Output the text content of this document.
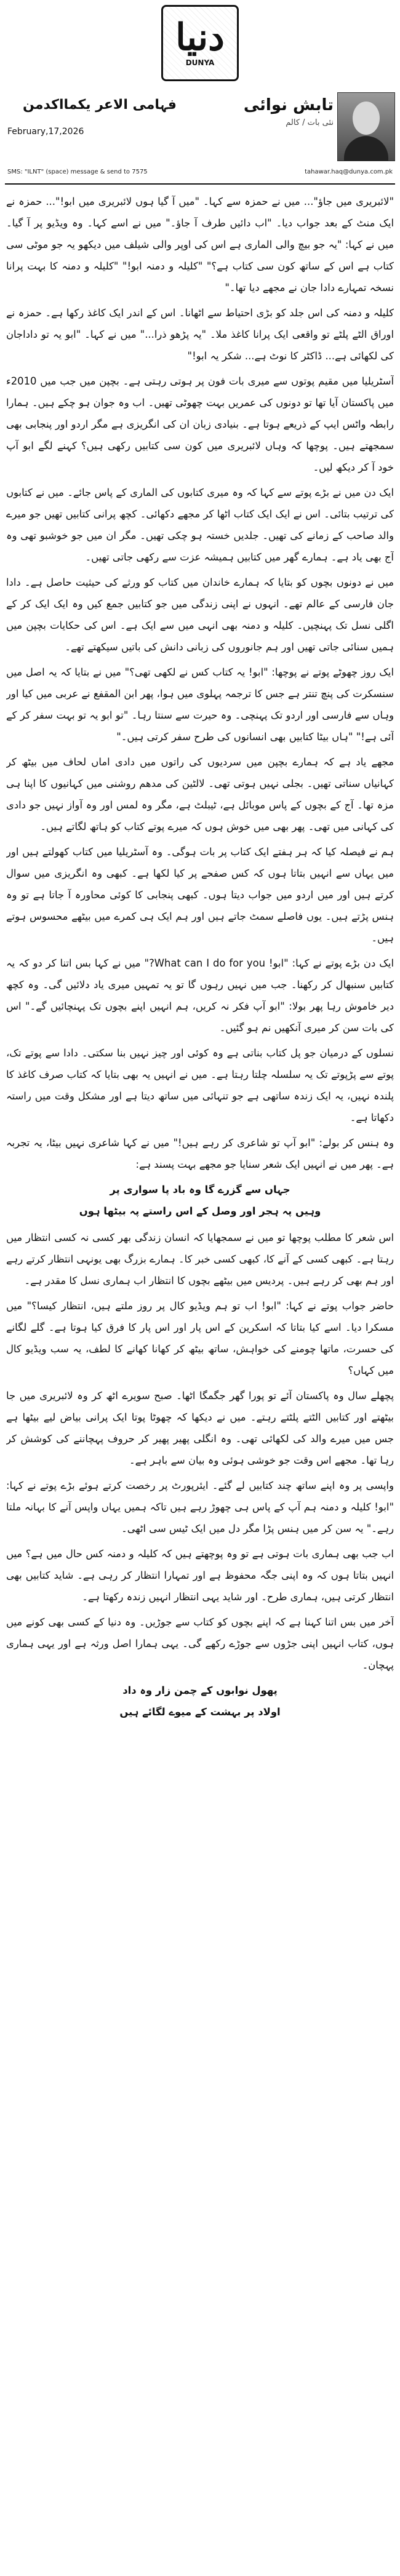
دنیا
DUNYA
تابش نوائی
نئی بات / کالم
فہامی الاعر یکمااکدمن
February,17,2026
SMS: "ILNT" (space) message & send to 7575	tahawar.haq@dunya.com.pk

"لائبریری میں جاؤ"... میں نے حمزہ سے کہا۔ "میں آ گیا ہوں لائبریری میں ابو!"... حمزہ نے ایک منٹ کے بعد جواب دیا۔ "اب دائیں طرف آ جاؤ۔" میں نے اسے کہا۔ وہ ویڈیو پر آ گیا۔ میں نے کہا: "یہ جو بیچ والی الماری ہے اس کی اوپر والی شیلف میں دیکھو یہ جو موٹی سی کتاب ہے اس کے ساتھ کون سی کتاب ہے؟" "کلیلہ و دمنہ ابو!" "کلیلہ و دمنہ کا بہت پرانا نسخہ تمہارے دادا جان نے مجھے دیا تھا۔"

کلیلہ و دمنہ کی اس جلد کو بڑی احتیاط سے اٹھانا۔ اس کے اندر ایک کاغذ رکھا ہے۔ حمزہ نے اوراق الٹے پلٹے تو واقعی ایک پرانا کاغذ ملا۔ "یہ پڑھو ذرا..." میں نے کہا۔ "ابو یہ تو داداجان کی لکھائی ہے... ڈاکٹر کا نوٹ ہے... شکر یہ ابو!"

آسٹریلیا میں مقیم پوتوں سے میری بات فون پر ہوتی رہتی ہے۔ بچپن میں جب میں 2010ء میں پاکستان آیا تھا تو دونوں کی عمریں بہت چھوٹی تھیں۔ اب وہ جوان ہو چکے ہیں۔ ہمارا رابطہ واٹس ایپ کے ذریعے ہوتا ہے۔ بنیادی زبان ان کی انگریزی ہے مگر اردو اور پنجابی بھی سمجھتے ہیں۔ پوچھا کہ وہاں لائبریری میں کون سی کتابیں رکھی ہیں؟ کہنے لگے ابو آپ خود آ کر دیکھ لیں۔

ایک دن میں نے بڑے پوتے سے کہا کہ وہ میری کتابوں کی الماری کے پاس جائے۔ میں نے کتابوں کی ترتیب بتائی۔ اس نے ایک ایک کتاب اٹھا کر مجھے دکھائی۔ کچھ پرانی کتابیں تھیں جو میرے والد صاحب کے زمانے کی تھیں۔ جلدیں خستہ ہو چکی تھیں۔ مگر ان میں جو خوشبو تھی وہ آج بھی یاد ہے۔ ہمارے گھر میں کتابیں ہمیشہ عزت سے رکھی جاتی تھیں۔

میں نے دونوں بچوں کو بتایا کہ ہمارے خاندان میں کتاب کو ورثے کی حیثیت حاصل ہے۔ دادا جان فارسی کے عالم تھے۔ انہوں نے اپنی زندگی میں جو کتابیں جمع کیں وہ ایک ایک کر کے اگلی نسل تک پہنچیں۔ کلیلہ و دمنہ بھی انہی میں سے ایک ہے۔ اس کی حکایات بچپن میں ہمیں سنائی جاتی تھیں اور ہم جانوروں کی زبانی دانش کی باتیں سیکھتے تھے۔

ایک روز چھوٹے پوتے نے پوچھا: "ابو! یہ کتاب کس نے لکھی تھی؟" میں نے بتایا کہ یہ اصل میں سنسکرت کی پنچ تنتر ہے جس کا ترجمہ پہلوی میں ہوا، پھر ابن المقفع نے عربی میں کیا اور وہاں سے فارسی اور اردو تک پہنچی۔ وہ حیرت سے سنتا رہا۔ "تو ابو یہ تو بہت سفر کر کے آئی ہے!" "ہاں بیٹا کتابیں بھی انسانوں کی طرح سفر کرتی ہیں۔"

مجھے یاد ہے کہ ہمارے بچپن میں سردیوں کی راتوں میں دادی اماں لحاف میں بیٹھ کر کہانیاں سناتی تھیں۔ بجلی نہیں ہوتی تھی۔ لالٹین کی مدھم روشنی میں کہانیوں کا اپنا ہی مزہ تھا۔ آج کے بچوں کے پاس موبائل ہے، ٹیبلٹ ہے، مگر وہ لمس اور وہ آواز نہیں جو دادی کی کہانی میں تھی۔ پھر بھی میں خوش ہوں کہ میرے پوتے کتاب کو ہاتھ لگاتے ہیں۔

ہم نے فیصلہ کیا کہ ہر ہفتے ایک کتاب پر بات ہوگی۔ وہ آسٹریلیا میں کتاب کھولتے ہیں اور میں یہاں سے انہیں بتاتا ہوں کہ کس صفحے پر کیا لکھا ہے۔ کبھی وہ انگریزی میں سوال کرتے ہیں اور میں اردو میں جواب دیتا ہوں۔ کبھی پنجابی کا کوئی محاورہ آ جاتا ہے تو وہ ہنس پڑتے ہیں۔ یوں فاصلے سمٹ جاتے ہیں اور ہم ایک ہی کمرے میں بیٹھے محسوس ہوتے ہیں۔

ایک دن بڑے پوتے نے کہا: "ابو! What can I do for you?" میں نے کہا بس اتنا کر دو کہ یہ کتابیں سنبھال کر رکھنا۔ جب میں نہیں رہوں گا تو یہ تمہیں میری یاد دلائیں گی۔ وہ کچھ دیر خاموش رہا پھر بولا: "ابو آپ فکر نہ کریں، ہم انہیں اپنے بچوں تک پہنچائیں گے۔" اس کی بات سن کر میری آنکھیں نم ہو گئیں۔

نسلوں کے درمیان جو پل کتاب بناتی ہے وہ کوئی اور چیز نہیں بنا سکتی۔ دادا سے پوتے تک، پوتے سے پڑپوتے تک یہ سلسلہ چلتا رہتا ہے۔ میں نے انہیں یہ بھی بتایا کہ کتاب صرف کاغذ کا پلندہ نہیں، یہ ایک زندہ ساتھی ہے جو تنہائی میں ساتھ دیتا ہے اور مشکل وقت میں راستہ دکھاتا ہے۔

وہ ہنس کر بولے: "ابو آپ تو شاعری کر رہے ہیں!" میں نے کہا شاعری نہیں بیٹا، یہ تجربہ ہے۔ پھر میں نے انہیں ایک شعر سنایا جو مجھے بہت پسند ہے:

جہاں سے گزرے گا وہ باد پا سواری پر
وہیں پہ ہجر اور وصل کے اس راستے پہ بیٹھا ہوں

اس شعر کا مطلب پوچھا تو میں نے سمجھایا کہ انسان زندگی بھر کسی نہ کسی انتظار میں رہتا ہے۔ کبھی کسی کے آنے کا، کبھی کسی خبر کا۔ ہمارے بزرگ بھی یونہی انتظار کرتے رہے اور ہم بھی کر رہے ہیں۔ پردیس میں بیٹھے بچوں کا انتظار اب ہماری نسل کا مقدر ہے۔

حاضر جواب پوتے نے کہا: "ابو! اب تو ہم ویڈیو کال پر روز ملتے ہیں، انتظار کیسا؟" میں مسکرا دیا۔ اسے کیا بتاتا کہ اسکرین کے اس پار اور اس پار کا فرق کیا ہوتا ہے۔ گلے لگانے کی حسرت، ماتھا چومنے کی خواہش، ساتھ بیٹھ کر کھانا کھانے کا لطف، یہ سب ویڈیو کال میں کہاں؟

پچھلے سال وہ پاکستان آئے تو پورا گھر جگمگا اٹھا۔ صبح سویرے اٹھ کر وہ لائبریری میں جا بیٹھتے اور کتابیں الٹتے پلٹتے رہتے۔ میں نے دیکھا کہ چھوٹا پوتا ایک پرانی بیاض لیے بیٹھا ہے جس میں میرے والد کی لکھائی تھی۔ وہ انگلی پھیر پھیر کر حروف پہچاننے کی کوشش کر رہا تھا۔ مجھے اس وقت جو خوشی ہوئی وہ بیان سے باہر ہے۔

واپسی پر وہ اپنے ساتھ چند کتابیں لے گئے۔ ایئرپورٹ پر رخصت کرتے ہوئے بڑے پوتے نے کہا: "ابو! کلیلہ و دمنہ ہم آپ کے پاس ہی چھوڑ رہے ہیں تاکہ ہمیں یہاں واپس آنے کا بہانہ ملتا رہے۔" یہ سن کر میں ہنس پڑا مگر دل میں ایک ٹیس سی اٹھی۔

اب جب بھی ہماری بات ہوتی ہے تو وہ پوچھتے ہیں کہ کلیلہ و دمنہ کس حال میں ہے؟ میں انہیں بتاتا ہوں کہ وہ اپنی جگہ محفوظ ہے اور تمہارا انتظار کر رہی ہے۔ شاید کتابیں بھی انتظار کرتی ہیں، ہماری طرح۔ اور شاید یہی انتظار انہیں زندہ رکھتا ہے۔

آخر میں بس اتنا کہنا ہے کہ اپنے بچوں کو کتاب سے جوڑیں۔ وہ دنیا کے کسی بھی کونے میں ہوں، کتاب انہیں اپنی جڑوں سے جوڑے رکھے گی۔ یہی ہمارا اصل ورثہ ہے اور یہی ہماری پہچان۔

پھول نوابوں کے چمن زار وہ داد
اولاد پر بہشت کے میوے لگائے ہیں
